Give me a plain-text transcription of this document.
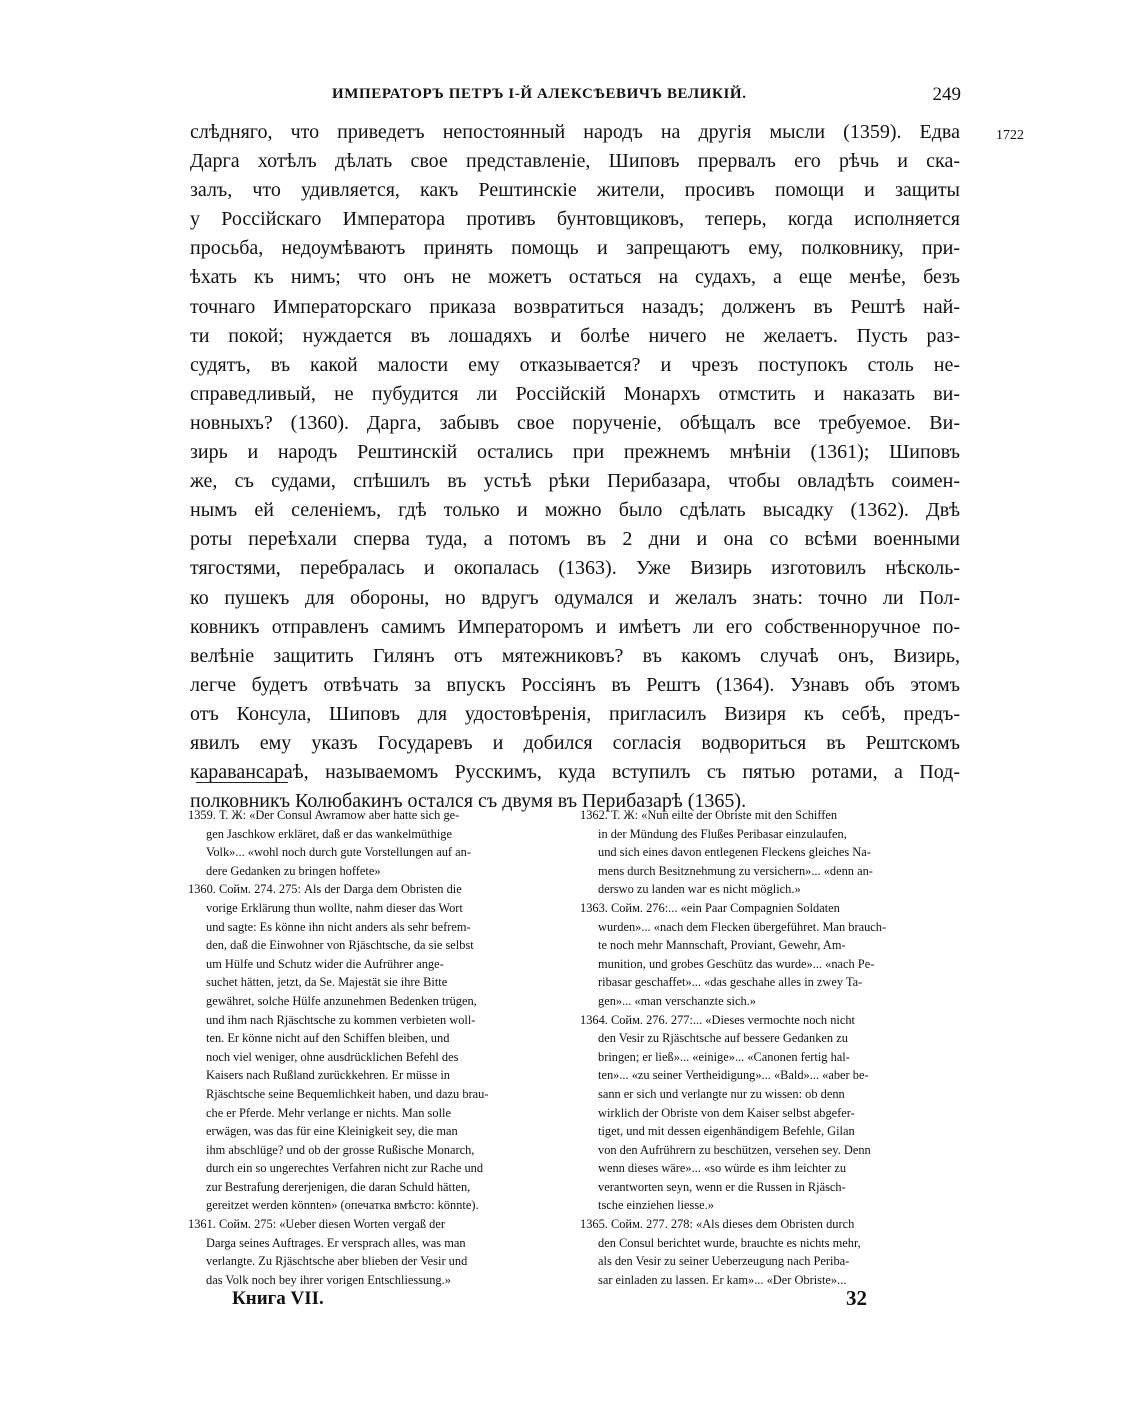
ИМПЕРАТОРЪ ПЕТРЪ I-Й АЛЕКСѢЕВИЧЪ ВЕЛИКІЙ.	249
1722
слѣдняго, что приведетъ непостоянный народъ на другія мысли (1359). Едва
Дарга хотѣлъ дѣлать свое представленіе, Шиповъ прервалъ его рѣчь и ска-
залъ, что удивляется, какъ Рештинскіе жители, просивъ помощи и защиты
у Россійскаго Императора противъ бунтовщиковъ, теперь, когда исполняется
просьба, недоумѣваютъ принять помощь и запрещаютъ ему, полковнику, при-
ѣхать къ нимъ; что онъ не можетъ остаться на судахъ, а еще менѣе, безъ
точнаго Императорскаго приказа возвратиться назадъ; долженъ въ Рештѣ най-
ти покой; нуждается въ лошадяхъ и болѣе ничего не желаетъ. Пусть раз-
судятъ, въ какой малости ему отказывается? и чрезъ поступокъ столь не-
справедливый, не пубудится ли Россійскій Монархъ отмстить и наказать ви-
новныхъ? (1360). Дарга, забывъ свое порученіе, обѣщалъ все требуемое. Ви-
зирь и народъ Рештинскій остались при прежнемъ мнѣніи (1361); Шиповъ
же, съ судами, спѣшилъ въ устьѣ рѣки Перибазара, чтобы овладѣть соимен-
нымъ ей селеніемъ, гдѣ только и можно было сдѣлать высадку (1362). Двѣ
роты переѣхали сперва туда, а потомъ въ 2 дни и она со всѣми военными
тягостями, перебралась и окопалась (1363). Уже Визирь изготовилъ нѣсколь-
ко пушекъ для обороны, но вдругъ одумался и желалъ знать: точно ли Пол-
ковникъ отправленъ самимъ Императоромъ и имѣетъ ли его собственноручное по-
велѣніе защитить Гилянъ отъ мятежниковъ? въ какомъ случаѣ онъ, Визирь,
легче будетъ отвѣчать за впускъ Россіянъ въ Рештъ (1364). Узнавъ объ этомъ
отъ Консула, Шиповъ для удостовѣренія, пригласилъ Визиря къ себѣ, предъ-
явилъ ему указъ Государевъ и добился согласія водвориться въ Рештскомъ
каравансараѣ, называемомъ Русскимъ, куда вступилъ съ пятью ротами, а Под-
полковникъ Колюбакинъ остался съ двумя въ Перибазарѣ (1365).
1359. Т. Ж: «Der Consul Awramow aber hatte sich ge-
gen Jaschkow erkläret, daß er das wankelmüthige
Volk»... «wohl noch durch gute Vorstellungen auf an-
dere Gedanken zu bringen hoffete»
1360. Сойм. 274. 275: Als der Darga dem Obristen die
vorige Erklärung thun wollte, nahm dieser das Wort
und sagte: Es könne ihn nicht anders als sehr befrem-
den, daß die Einwohner von Rjäschtsche, da sie selbst
um Hülfe und Schutz wider die Aufrührer ange-
suchet hätten, jetzt, da Se. Majestät sie ihre Bitte
gewähret, solche Hülfe anzunehmen Bedenken trügen,
und ihm nach Rjäschtsche zu kommen verbieten woll-
ten. Er könne nicht auf den Schiffen bleiben, und
noch viel weniger, ohne ausdrücklichen Befehl des
Kaisers nach Rußland zurückkehren. Er müsse in
Rjäschtsche seine Bequemlichkeit haben, und dazu brau-
che er Pferde. Mehr verlange er nichts. Man solle
erwägen, was das für eine Kleinigkeit sey, die man
ihm abschlüge? und ob der grosse Rußische Monarch,
durch ein so ungerechtes Verfahren nicht zur Rache und
zur Bestrafung dererjenigen, die daran Schuld hätten,
gereitzet werden könnten» (опечатка вмѣсто: könnte).
1361. Сойм. 275: «Ueber diesen Worten vergaß der
Darga seines Auftrages. Er versprach alles, was man
verlangte. Zu Rjäschtsche aber blieben der Vesir und
das Volk noch bey ihrer vorigen Entschliessung.»
1362. Т. Ж: «Nun eilte der Obriste mit den Schiffen
in der Mündung des Flußes Peribasar einzulaufen,
und sich eines davon entlegenen Fleckens gleiches Na-
mens durch Besitznehmung zu versichern»... «denn an-
derswo zu landen war es nicht möglich.»
1363. Сойм. 276:... «ein Paar Compagnien Soldaten
wurden»... «nach dem Flecken übergeführet. Man brauch-
te noch mehr Mannschaft, Proviant, Gewehr, Am-
munition, und grobes Geschütz das wurde»... «nach Pe-
ribasar geschaffet»... «das geschahe alles in zwey Ta-
gen»... «man verschanzte sich.»
1364. Сойм. 276. 277:... «Dieses vermochte noch nicht
den Vesir zu Rjäschtsche auf bessere Gedanken zu
bringen; er ließ»... «einige»... «Canonen fertig hal-
ten»... «zu seiner Vertheidigung»... «Bald»... «aber be-
sann er sich und verlangte nur zu wissen: ob denn
wirklich der Obriste von dem Kaiser selbst abgefer-
tiget, und mit dessen eigenhändigem Befehle, Gilan
von den Aufrührern zu beschützen, versehen sey. Denn
wenn dieses wäre»... «so würde es ihm leichter zu
verantworten seyn, wenn er die Russen in Rjäsch-
tsche einziehen liesse.»
1365. Сойм. 277. 278: «Als dieses dem Obristen durch
den Consul berichtet wurde, brauchte es nichts mehr,
als den Vesir zu seiner Ueberzeugung nach Periba-
sar einladen zu lassen. Er kam»... «Der Obriste»...
Книга VII.	32
